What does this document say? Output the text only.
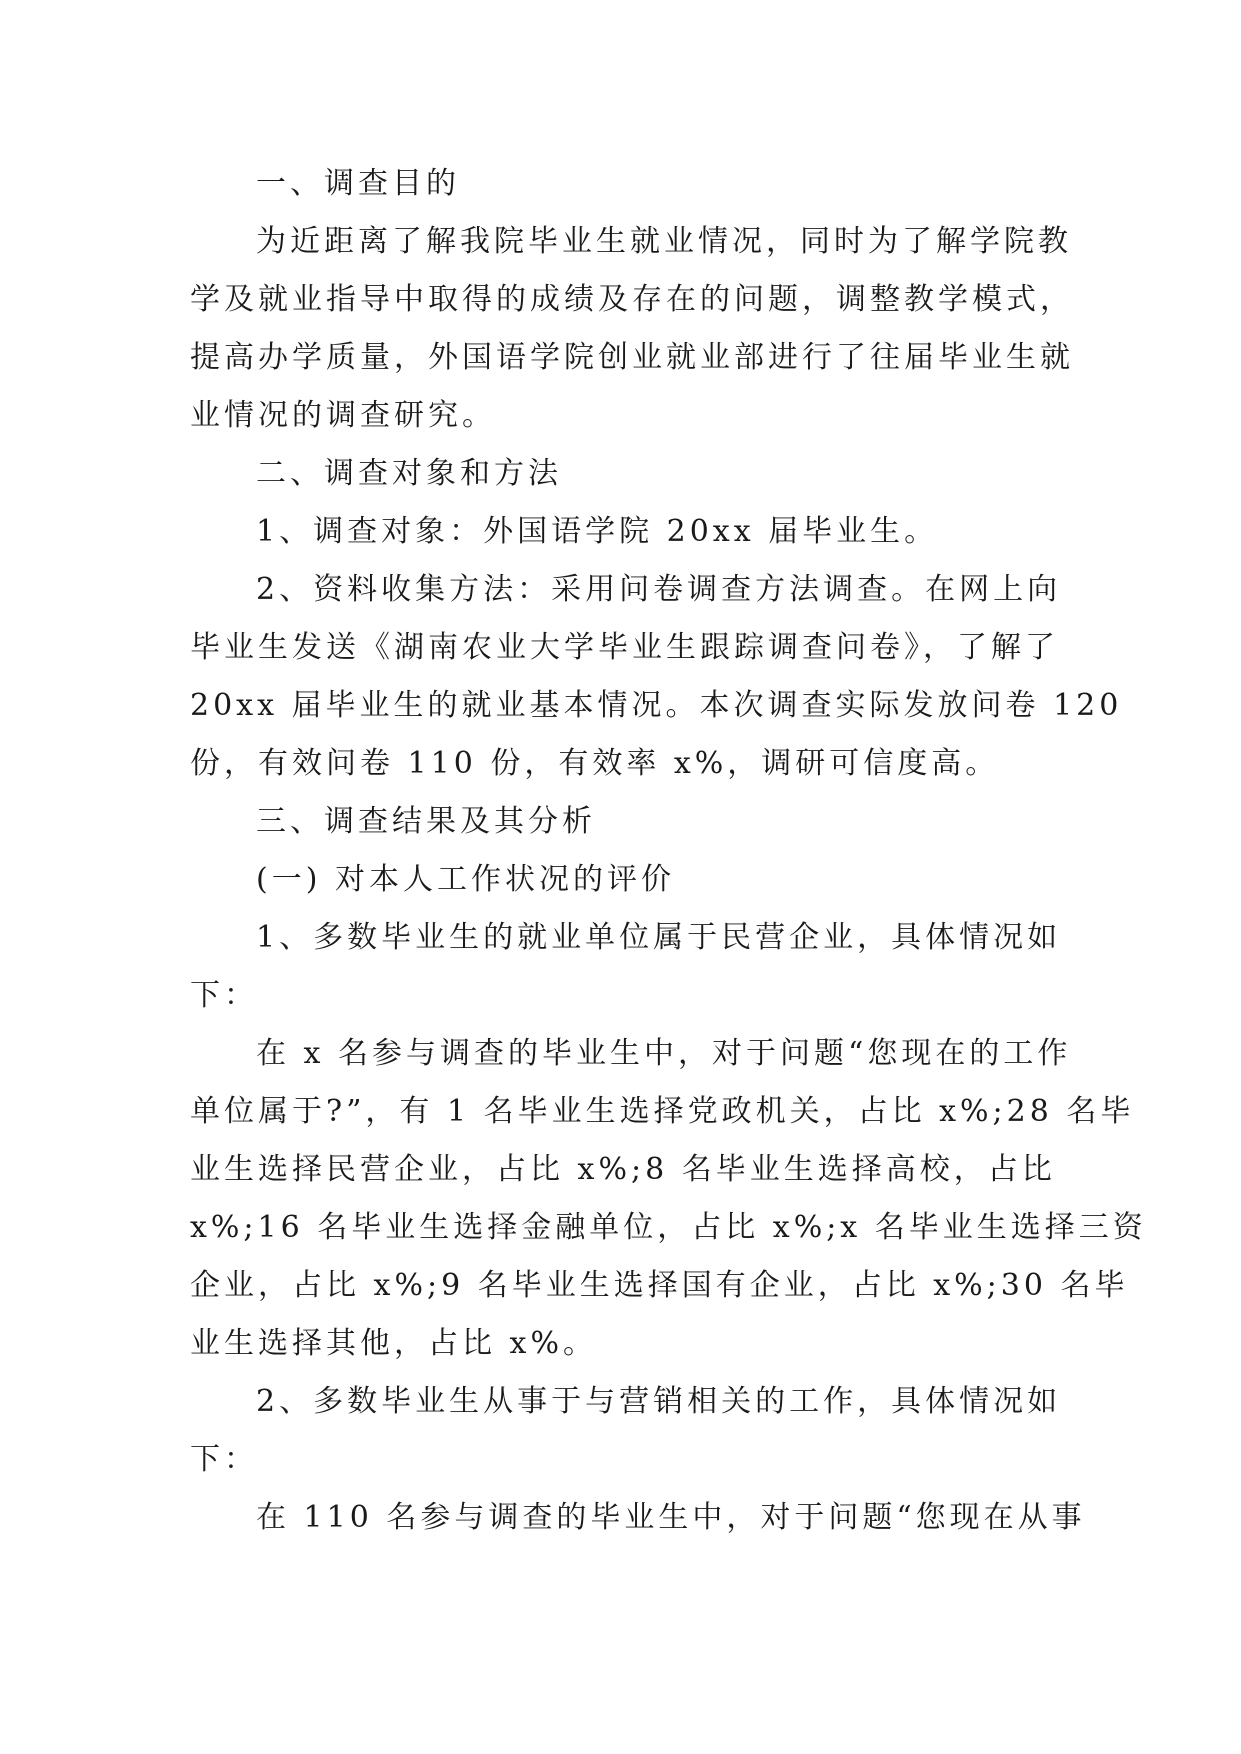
一、调查目的

为近距离了解我院毕业生就业情况，同时为了解学院教

学及就业指导中取得的成绩及存在的问题，调整教学模式，

提高办学质量，外国语学院创业就业部进行了往届毕业生就

业情况的调查研究。

二、调查对象和方法

1、调查对象：外国语学院 20xx 届毕业生。

2、资料收集方法：采用问卷调查方法调查。在网上向

毕业生发送《湖南农业大学毕业生跟踪调查问卷》，了解了

20xx 届毕业生的就业基本情况。本次调查实际发放问卷 120

份，有效问卷 110 份，有效率 x%，调研可信度高。

三、调查结果及其分析

(一) 对本人工作状况的评价

1、多数毕业生的就业单位属于民营企业，具体情况如

下：

在 x 名参与调查的毕业生中，对于问题“您现在的工作

单位属于?”，有 1 名毕业生选择党政机关，占比 x%;28 名毕

业生选择民营企业，占比 x%;8 名毕业生选择高校，占比

x%;16 名毕业生选择金融单位，占比 x%;x 名毕业生选择三资

企业，占比 x%;9 名毕业生选择国有企业，占比 x%;30 名毕

业生选择其他，占比 x%。

2、多数毕业生从事于与营销相关的工作，具体情况如

下：

在 110 名参与调查的毕业生中，对于问题“您现在从事
